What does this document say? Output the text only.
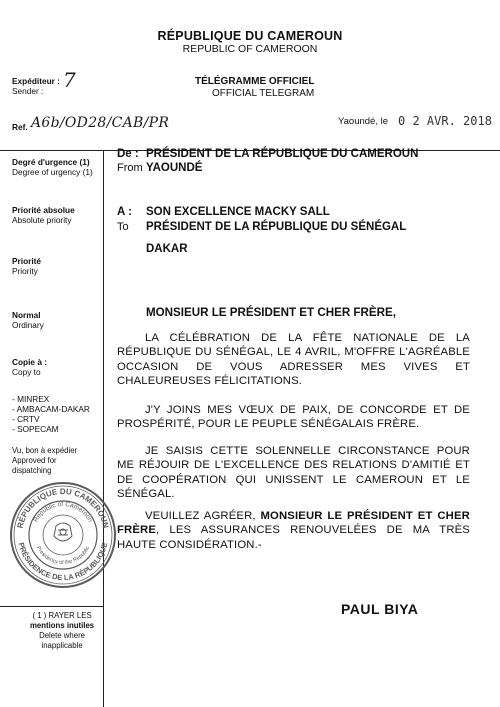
RÉPUBLIQUE DU CAMEROUN
REPUBLIC OF CAMEROON
TÉLÉGRAMME OFFICIEL
OFFICIAL TELEGRAM
Expéditeur :
Sender : 7
Ref. A6b/OD28/CAB/PR	Yaoundé, le 0 2 AVR. 2018
Degré d'urgence (1)
Degree of urgency (1)
Priorité absolue
Absolute priority
Priorité
Priority
Normal
Ordinary
Copie à :
Copy to
- MINREX
- AMBACAM-DAKAR
- CRTV
- SOPECAM
Vu, bon à expédier
Approved for
dispatching
RÉPUBLIQUE DU CAMEROUN
Republic of Cameroon
PRÉSIDENCE DE LA RÉPUBLIQUE
Presidency of the Republic
( 1 ) RAYER LES
mentions inutiles
Delete where
inapplicable
De :
From
PRÉSIDENT DE LA RÉPUBLIQUE DU CAMEROUN
YAOUNDÉ
A :
To
SON EXCELLENCE MACKY SALL
PRÉSIDENT DE LA RÉPUBLIQUE DU SÉNÉGAL
DAKAR
MONSIEUR LE PRÉSIDENT ET CHER FRÈRE,

LA CÉLÉBRATION DE LA FÊTE NATIONALE DE LA RÉPUBLIQUE DU SÉNÉGAL, LE 4 AVRIL, M'OFFRE L'AGRÉABLE OCCASION DE VOUS ADRESSER MES VIVES ET CHALEUREUSES FÉLICITATIONS.

J'Y JOINS MES VŒUX DE PAIX, DE CONCORDE ET DE PROSPÉRITÉ, POUR LE PEUPLE SÉNÉGALAIS FRÈRE.

JE SAISIS CETTE SOLENNELLE CIRCONSTANCE POUR ME RÉJOUIR DE L'EXCELLENCE DES RELATIONS D'AMITIÉ ET DE COOPÉRATION QUI UNISSENT LE CAMEROUN ET LE SÉNÉGAL.

VEUILLEZ AGRÉER, MONSIEUR LE PRÉSIDENT ET CHER FRÈRE, LES ASSURANCES RENOUVELÉES DE MA TRÈS HAUTE CONSIDÉRATION.-

PAUL BIYA
